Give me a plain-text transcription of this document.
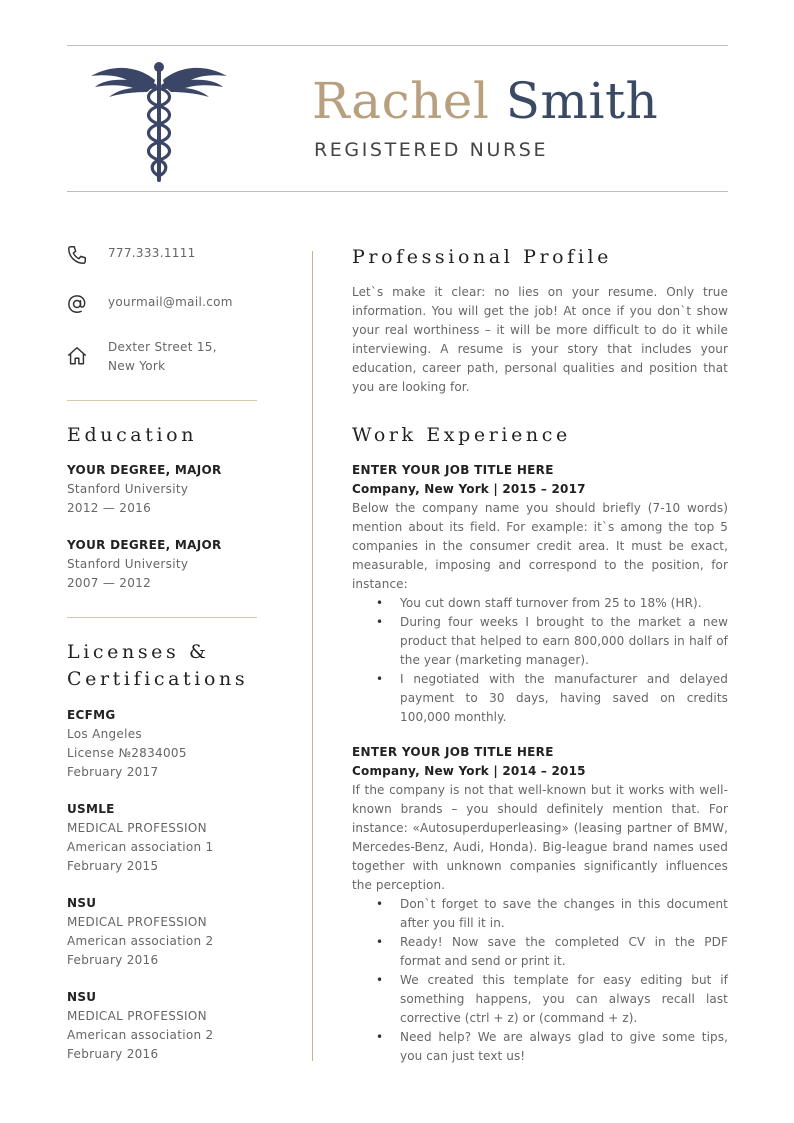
Rachel Smith
REGISTERED NURSE
777.333.1111
yourmail@mail.com
Dexter Street 15,
New York
Education
YOUR DEGREE, MAJOR
Stanford University
2012 — 2016
YOUR DEGREE, MAJOR
Stanford University
2007 — 2012
Licenses &
Certifications
ECFMG
Los Angeles
License №2834005
February 2017
USMLE
MEDICAL PROFESSION
American association 1
February 2015
NSU
MEDICAL PROFESSION
American association 2
February 2016
NSU
MEDICAL PROFESSION
American association 2
February 2016
Professional Profile
Let`s make it clear: no lies on your resume. Only true information. You will get the job! At once if you don`t show your real worthiness – it will be more difficult to do it while interviewing. A resume is your story that includes your education, career path, personal qualities and position that you are looking for.
Work Experience
ENTER YOUR JOB TITLE HERE
Company, New York | 2015 – 2017
Below the company name you should briefly (7-10 words) mention about its field. For example: it`s among the top 5 companies in the consumer credit area. It must be exact, measurable, imposing and correspond to the position, for instance:
• You cut down staff turnover from 25 to 18% (HR).
• During four weeks I brought to the market a new product that helped to earn 800,000 dollars in half of the year (marketing manager).
• I negotiated with the manufacturer and delayed payment to 30 days, having saved on credits 100,000 monthly.
ENTER YOUR JOB TITLE HERE
Company, New York | 2014 – 2015
If the company is not that well-known but it works with well-known brands – you should definitely mention that. For instance: «Autosuperduperleasing» (leasing partner of BMW, Mercedes-Benz, Audi, Honda). Big-league brand names used together with unknown companies significantly influences the perception.
• Don`t forget to save the changes in this document after you fill it in.
• Ready! Now save the completed CV in the PDF format and send or print it.
• We created this template for easy editing but if something happens, you can always recall last corrective (ctrl + z) or (command + z).
• Need help? We are always glad to give some tips, you can just text us!
